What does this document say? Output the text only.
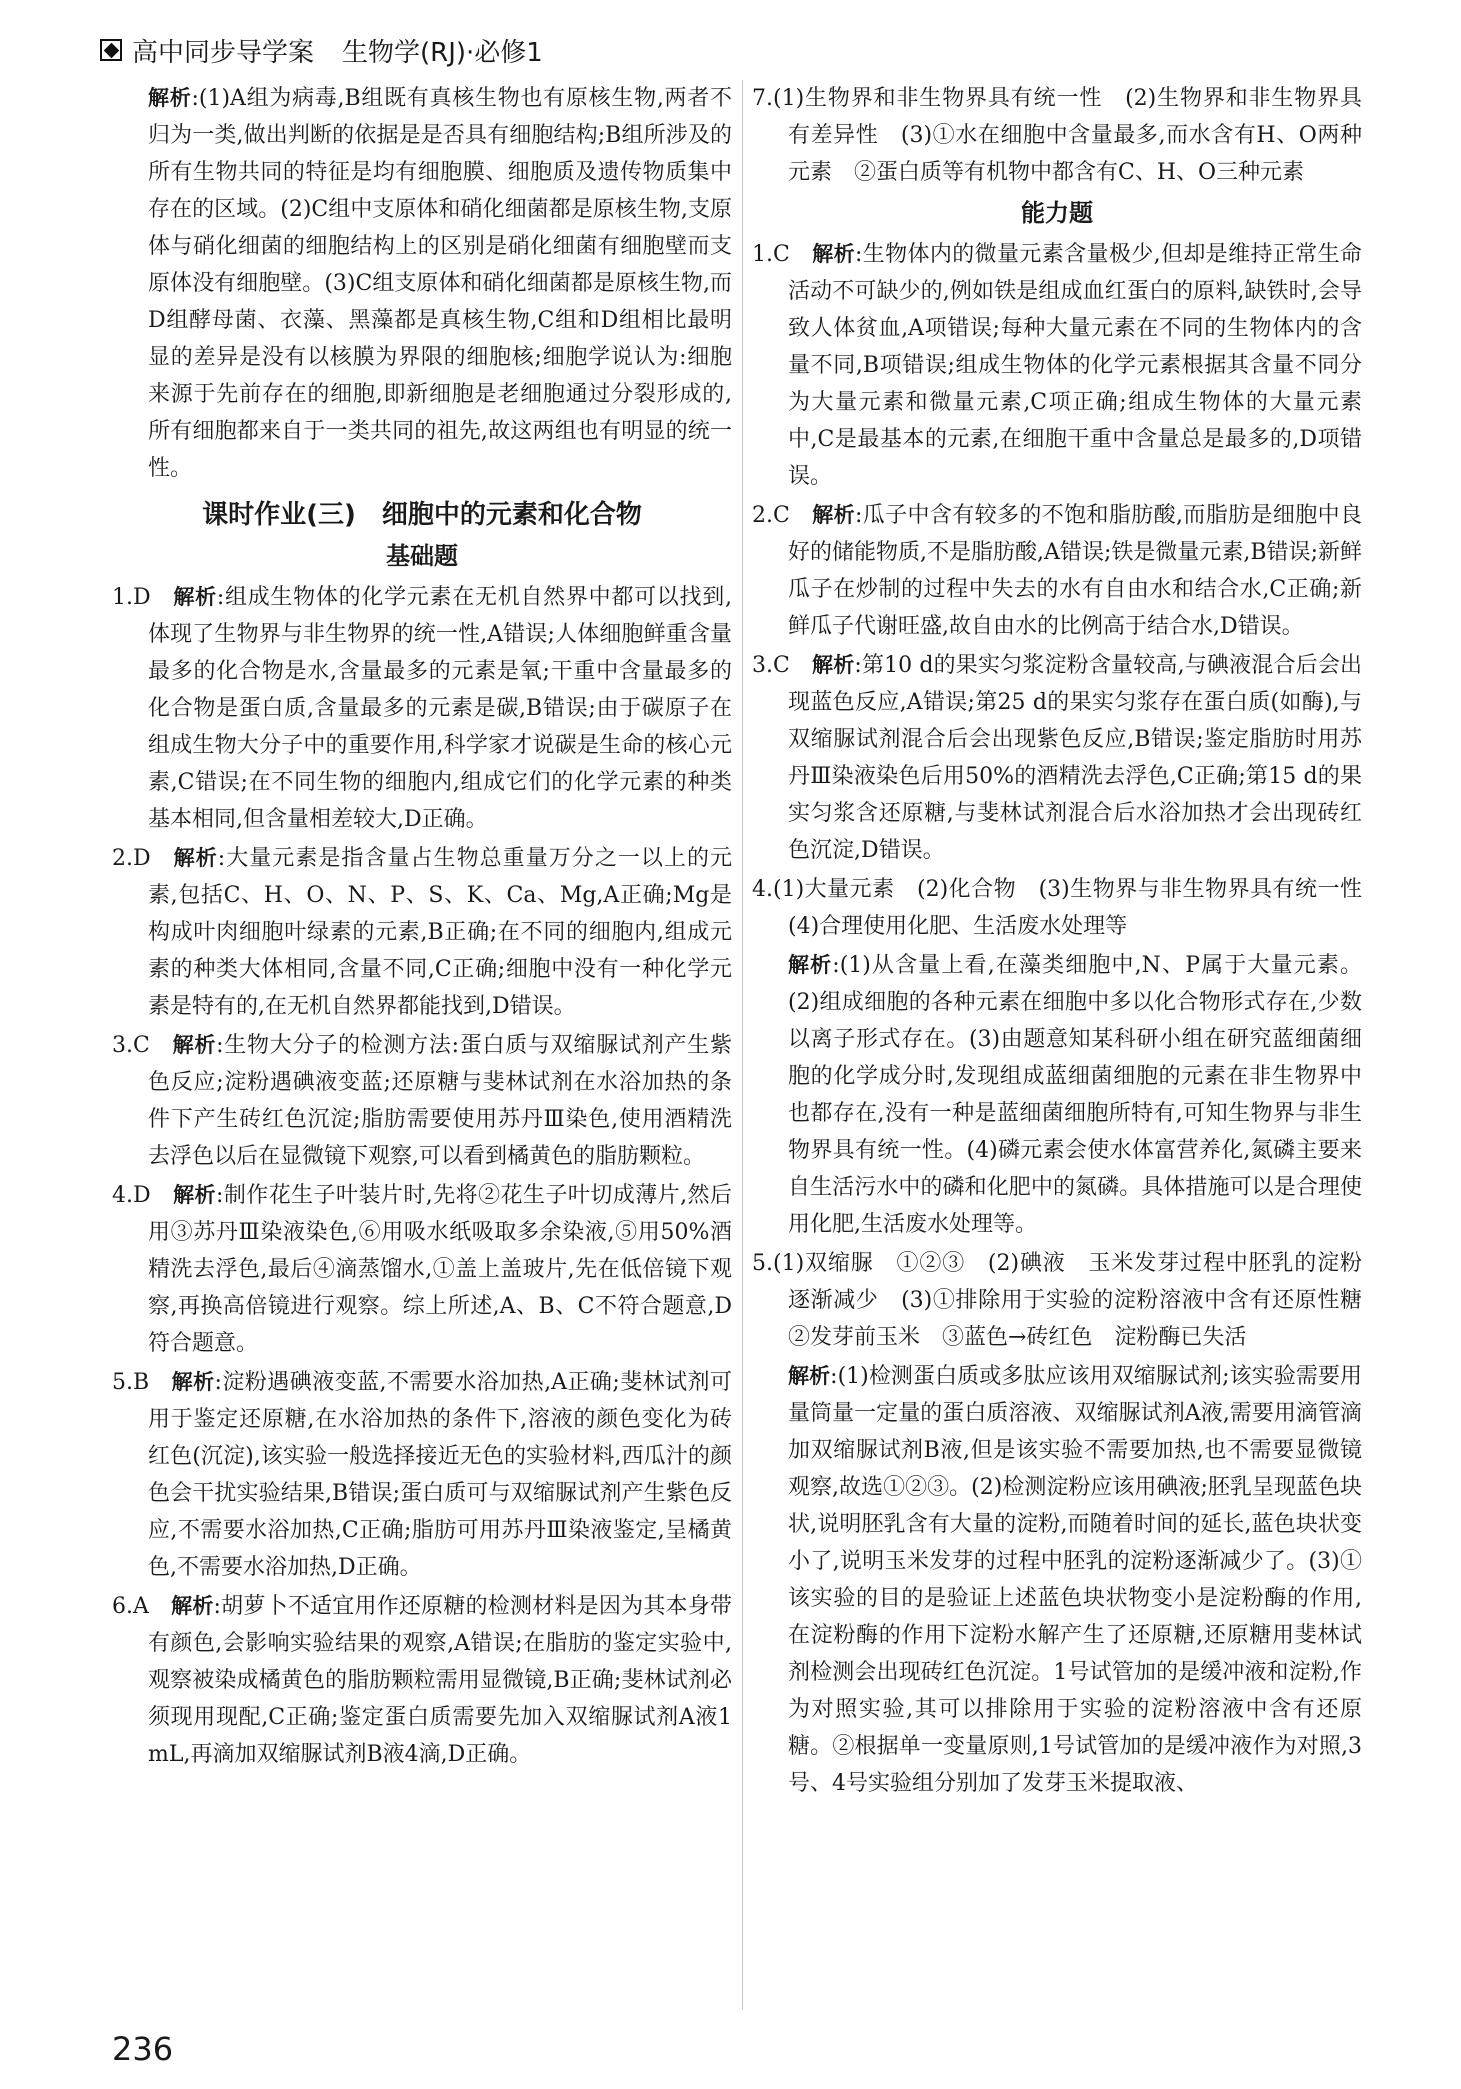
高中同步导学案 生物学(RJ)·必修1

解析:(1)A组为病毒,B组既有真核生物也有原核生物,两者不归为一类,做出判断的依据是是否具有细胞结构;B组所涉及的所有生物共同的特征是均有细胞膜、细胞质及遗传物质集中存在的区域。(2)C组中支原体和硝化细菌都是原核生物,支原体与硝化细菌的细胞结构上的区别是硝化细菌有细胞壁而支原体没有细胞壁。(3)C组支原体和硝化细菌都是原核生物,而D组酵母菌、衣藻、黑藻都是真核生物,C组和D组相比最明显的差异是没有以核膜为界限的细胞核;细胞学说认为:细胞来源于先前存在的细胞,即新细胞是老细胞通过分裂形成的,所有细胞都来自于一类共同的祖先,故这两组也有明显的统一性。

课时作业(三)　细胞中的元素和化合物
基础题

1.D 解析:组成生物体的化学元素在无机自然界中都可以找到,体现了生物界与非生物界的统一性,A错误;人体细胞鲜重含量最多的化合物是水,含量最多的元素是氧;干重中含量最多的化合物是蛋白质,含量最多的元素是碳,B错误;由于碳原子在组成生物大分子中的重要作用,科学家才说碳是生命的核心元素,C错误;在不同生物的细胞内,组成它们的化学元素的种类基本相同,但含量相差较大,D正确。

2.D 解析:大量元素是指含量占生物总重量万分之一以上的元素,包括C、H、O、N、P、S、K、Ca、Mg,A正确;Mg是构成叶肉细胞叶绿素的元素,B正确;在不同的细胞内,组成元素的种类大体相同,含量不同,C正确;细胞中没有一种化学元素是特有的,在无机自然界都能找到,D错误。

3.C 解析:生物大分子的检测方法:蛋白质与双缩脲试剂产生紫色反应;淀粉遇碘液变蓝;还原糖与斐林试剂在水浴加热的条件下产生砖红色沉淀;脂肪需要使用苏丹Ⅲ染色,使用酒精洗去浮色以后在显微镜下观察,可以看到橘黄色的脂肪颗粒。

4.D 解析:制作花生子叶装片时,先将②花生子叶切成薄片,然后用③苏丹Ⅲ染液染色,⑥用吸水纸吸取多余染液,⑤用50%酒精洗去浮色,最后④滴蒸馏水,①盖上盖玻片,先在低倍镜下观察,再换高倍镜进行观察。综上所述,A、B、C不符合题意,D符合题意。

5.B 解析:淀粉遇碘液变蓝,不需要水浴加热,A正确;斐林试剂可用于鉴定还原糖,在水浴加热的条件下,溶液的颜色变化为砖红色(沉淀),该实验一般选择接近无色的实验材料,西瓜汁的颜色会干扰实验结果,B错误;蛋白质可与双缩脲试剂产生紫色反应,不需要水浴加热,C正确;脂肪可用苏丹Ⅲ染液鉴定,呈橘黄色,不需要水浴加热,D正确。

6.A 解析:胡萝卜不适宜用作还原糖的检测材料是因为其本身带有颜色,会影响实验结果的观察,A错误;在脂肪的鉴定实验中,观察被染成橘黄色的脂肪颗粒需用显微镜,B正确;斐林试剂必须现用现配,C正确;鉴定蛋白质需要先加入双缩脲试剂A液1 mL,再滴加双缩脲试剂B液4滴,D正确。

7.(1)生物界和非生物界具有统一性　(2)生物界和非生物界具有差异性　(3)①水在细胞中含量最多,而水含有H、O两种元素　②蛋白质等有机物中都含有C、H、O三种元素

能力题

1.C 解析:生物体内的微量元素含量极少,但却是维持正常生命活动不可缺少的,例如铁是组成血红蛋白的原料,缺铁时,会导致人体贫血,A项错误;每种大量元素在不同的生物体内的含量不同,B项错误;组成生物体的化学元素根据其含量不同分为大量元素和微量元素,C项正确;组成生物体的大量元素中,C是最基本的元素,在细胞干重中含量总是最多的,D项错误。

2.C 解析:瓜子中含有较多的不饱和脂肪酸,而脂肪是细胞中良好的储能物质,不是脂肪酸,A错误;铁是微量元素,B错误;新鲜瓜子在炒制的过程中失去的水有自由水和结合水,C正确;新鲜瓜子代谢旺盛,故自由水的比例高于结合水,D错误。

3.C 解析:第10 d的果实匀浆淀粉含量较高,与碘液混合后会出现蓝色反应,A错误;第25 d的果实匀浆存在蛋白质(如酶),与双缩脲试剂混合后会出现紫色反应,B错误;鉴定脂肪时用苏丹Ⅲ染液染色后用50%的酒精洗去浮色,C正确;第15 d的果实匀浆含还原糖,与斐林试剂混合后水浴加热才会出现砖红色沉淀,D错误。

4.(1)大量元素　(2)化合物　(3)生物界与非生物界具有统一性　(4)合理使用化肥、生活废水处理等

解析:(1)从含量上看,在藻类细胞中,N、P属于大量元素。(2)组成细胞的各种元素在细胞中多以化合物形式存在,少数以离子形式存在。(3)由题意知某科研小组在研究蓝细菌细胞的化学成分时,发现组成蓝细菌细胞的元素在非生物界中也都存在,没有一种是蓝细菌细胞所特有,可知生物界与非生物界具有统一性。(4)磷元素会使水体富营养化,氮磷主要来自生活污水中的磷和化肥中的氮磷。具体措施可以是合理使用化肥,生活废水处理等。

5.(1)双缩脲　①②③　(2)碘液　玉米发芽过程中胚乳的淀粉逐渐减少　(3)①排除用于实验的淀粉溶液中含有还原性糖　②发芽前玉米　③蓝色→砖红色　淀粉酶已失活

解析:(1)检测蛋白质或多肽应该用双缩脲试剂;该实验需要用量筒量一定量的蛋白质溶液、双缩脲试剂A液,需要用滴管滴加双缩脲试剂B液,但是该实验不需要加热,也不需要显微镜观察,故选①②③。(2)检测淀粉应该用碘液;胚乳呈现蓝色块状,说明胚乳含有大量的淀粉,而随着时间的延长,蓝色块状变小了,说明玉米发芽的过程中胚乳的淀粉逐渐减少了。(3)①该实验的目的是验证上述蓝色块状物变小是淀粉酶的作用,在淀粉酶的作用下淀粉水解产生了还原糖,还原糖用斐林试剂检测会出现砖红色沉淀。1号试管加的是缓冲液和淀粉,作为对照实验,其可以排除用于实验的淀粉溶液中含有还原糖。②根据单一变量原则,1号试管加的是缓冲液作为对照,3号、4号实验组分别加了发芽玉米提取液、

236
